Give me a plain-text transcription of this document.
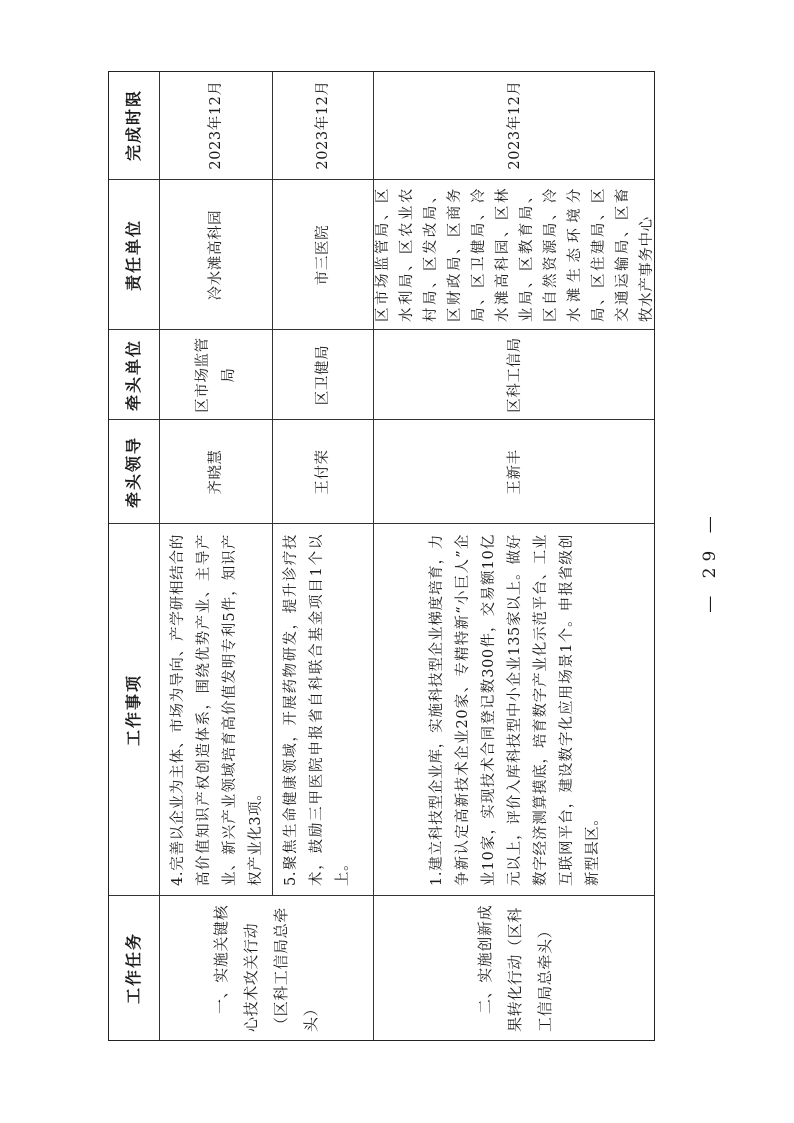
工作任务
工作事项
牵头领导
牵头单位
责任单位
完成时限
一、实施关键核心技术攻关行动（区科工信局总牵头）
4.完善以企业为主体、市场为导向、产学研相结合的高价值知识产权创造体系，围绕优势产业、主导产业、新兴产业领域培育高价值发明专利5件，知识产权产业化3项。
齐晓慧
区市场监管局
冷水滩高科园
2023年12月
5.聚焦生命健康领域，开展药物研发，提升诊疗技术，鼓励三甲医院申报省自科联合基金项目1个以上。
王付荣
区卫健局
市三医院
2023年12月
二、实施创新成果转化行动（区科工信局总牵头）
1.建立科技型企业库，实施科技型企业梯度培育，力争新认定高新技术企业20家、专精特新“小巨人”企业10家，实现技术合同登记数300件，交易额10亿元以上，评价入库科技型中小企业135家以上。做好数字经济测算摸底，培育数字产业化示范平台、工业互联网平台，建设数字化应用场景1个。申报省级创新型县区。
王新丰
区科工信局
区市场监管局、区水利局、区农业农村局、区发改局、区财政局、区商务局、区卫健局、冷水滩高科园、区林业局、区教育局、区自然资源局、冷水滩生态环境分局、区住建局、区交通运输局、区畜牧水产事务中心
2023年12月
— 29 —
